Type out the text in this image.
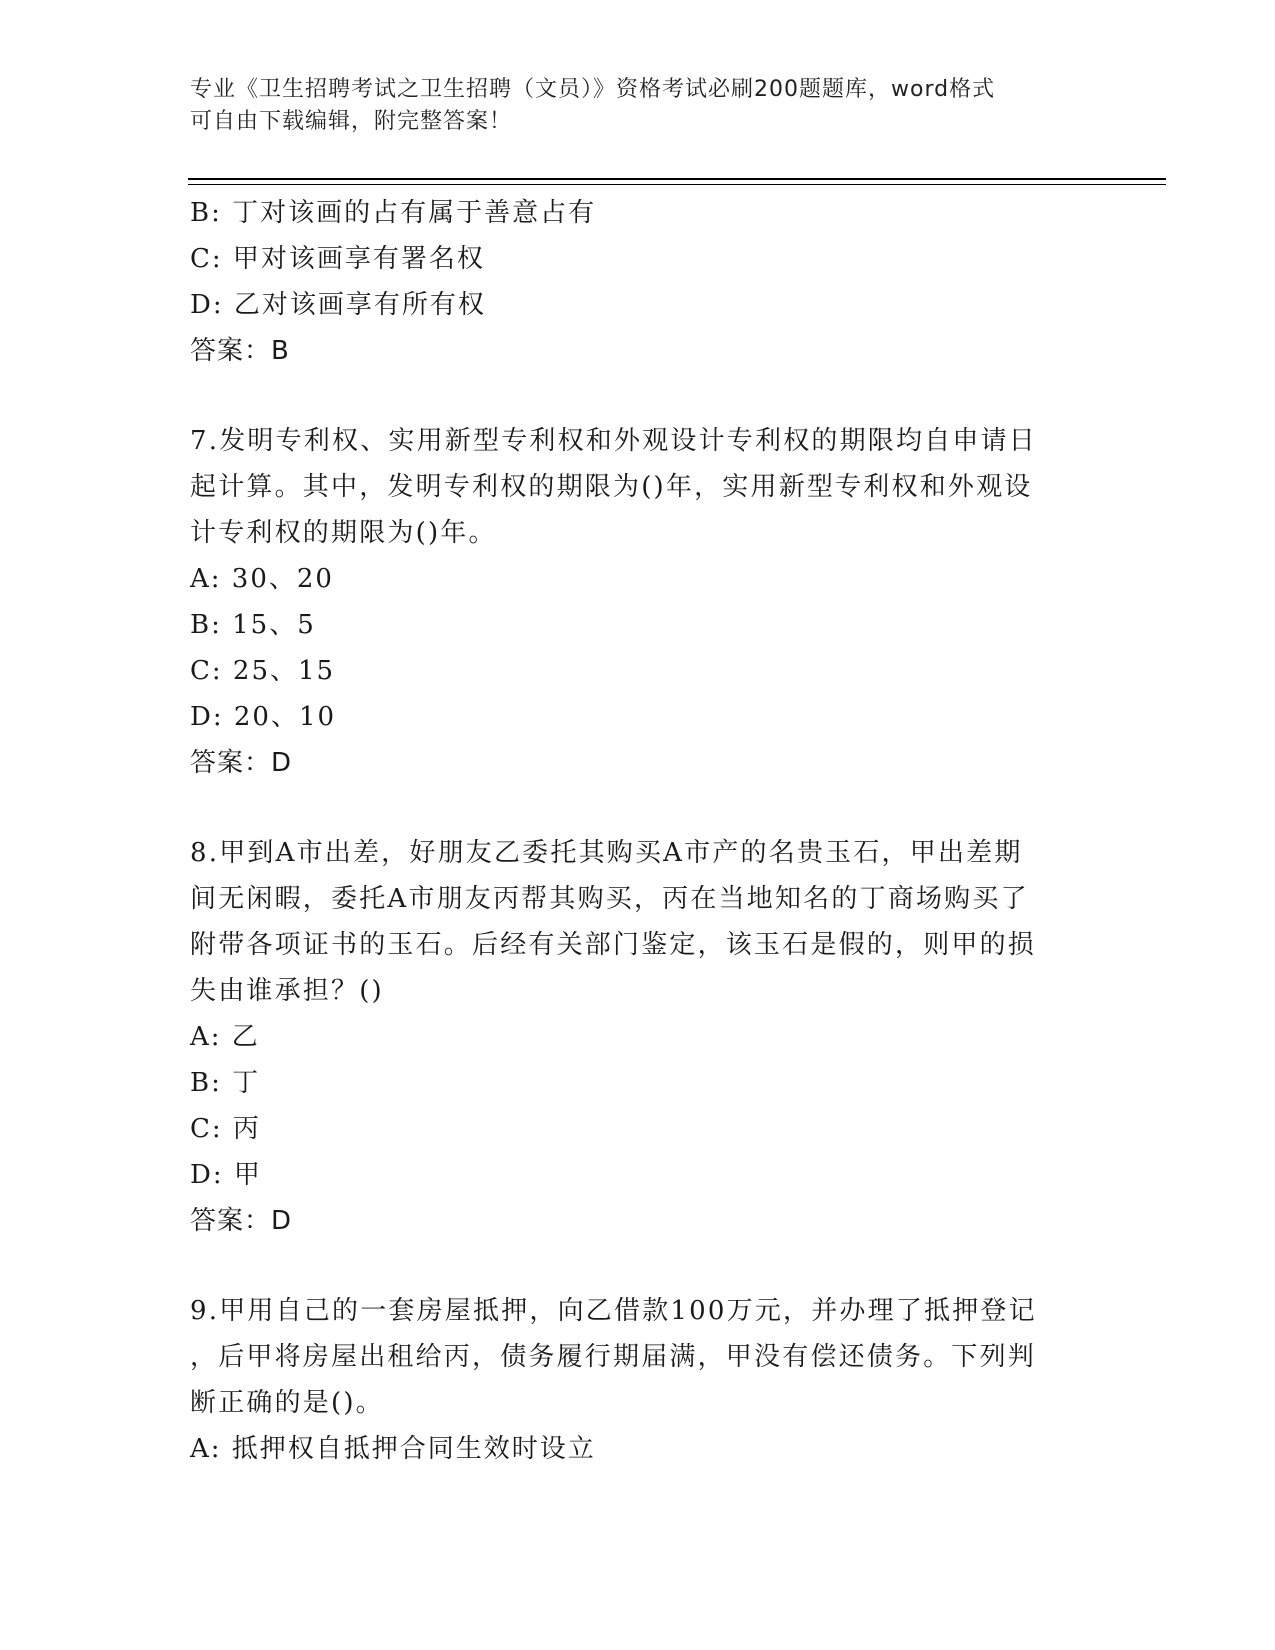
专业《卫生招聘考试之卫生招聘（文员）》资格考试必刷200题题库，word格式
可自由下载编辑，附完整答案！
B: 丁对该画的占有属于善意占有
C: 甲对该画享有署名权
D: 乙对该画享有所有权
答案：B
7.发明专利权、实用新型专利权和外观设计专利权的期限均自申请日
起计算。其中，发明专利权的期限为()年，实用新型专利权和外观设
计专利权的期限为()年。
A: 30、20
B: 15、5
C: 25、15
D: 20、10
答案：D
8.甲到A市出差，好朋友乙委托其购买A市产的名贵玉石，甲出差期
间无闲暇，委托A市朋友丙帮其购买，丙在当地知名的丁商场购买了
附带各项证书的玉石。后经有关部门鉴定，该玉石是假的，则甲的损
失由谁承担？()
A: 乙
B: 丁
C: 丙
D: 甲
答案：D
9.甲用自己的一套房屋抵押，向乙借款100万元，并办理了抵押登记
，后甲将房屋出租给丙，债务履行期届满，甲没有偿还债务。下列判
断正确的是()。
A: 抵押权自抵押合同生效时设立
